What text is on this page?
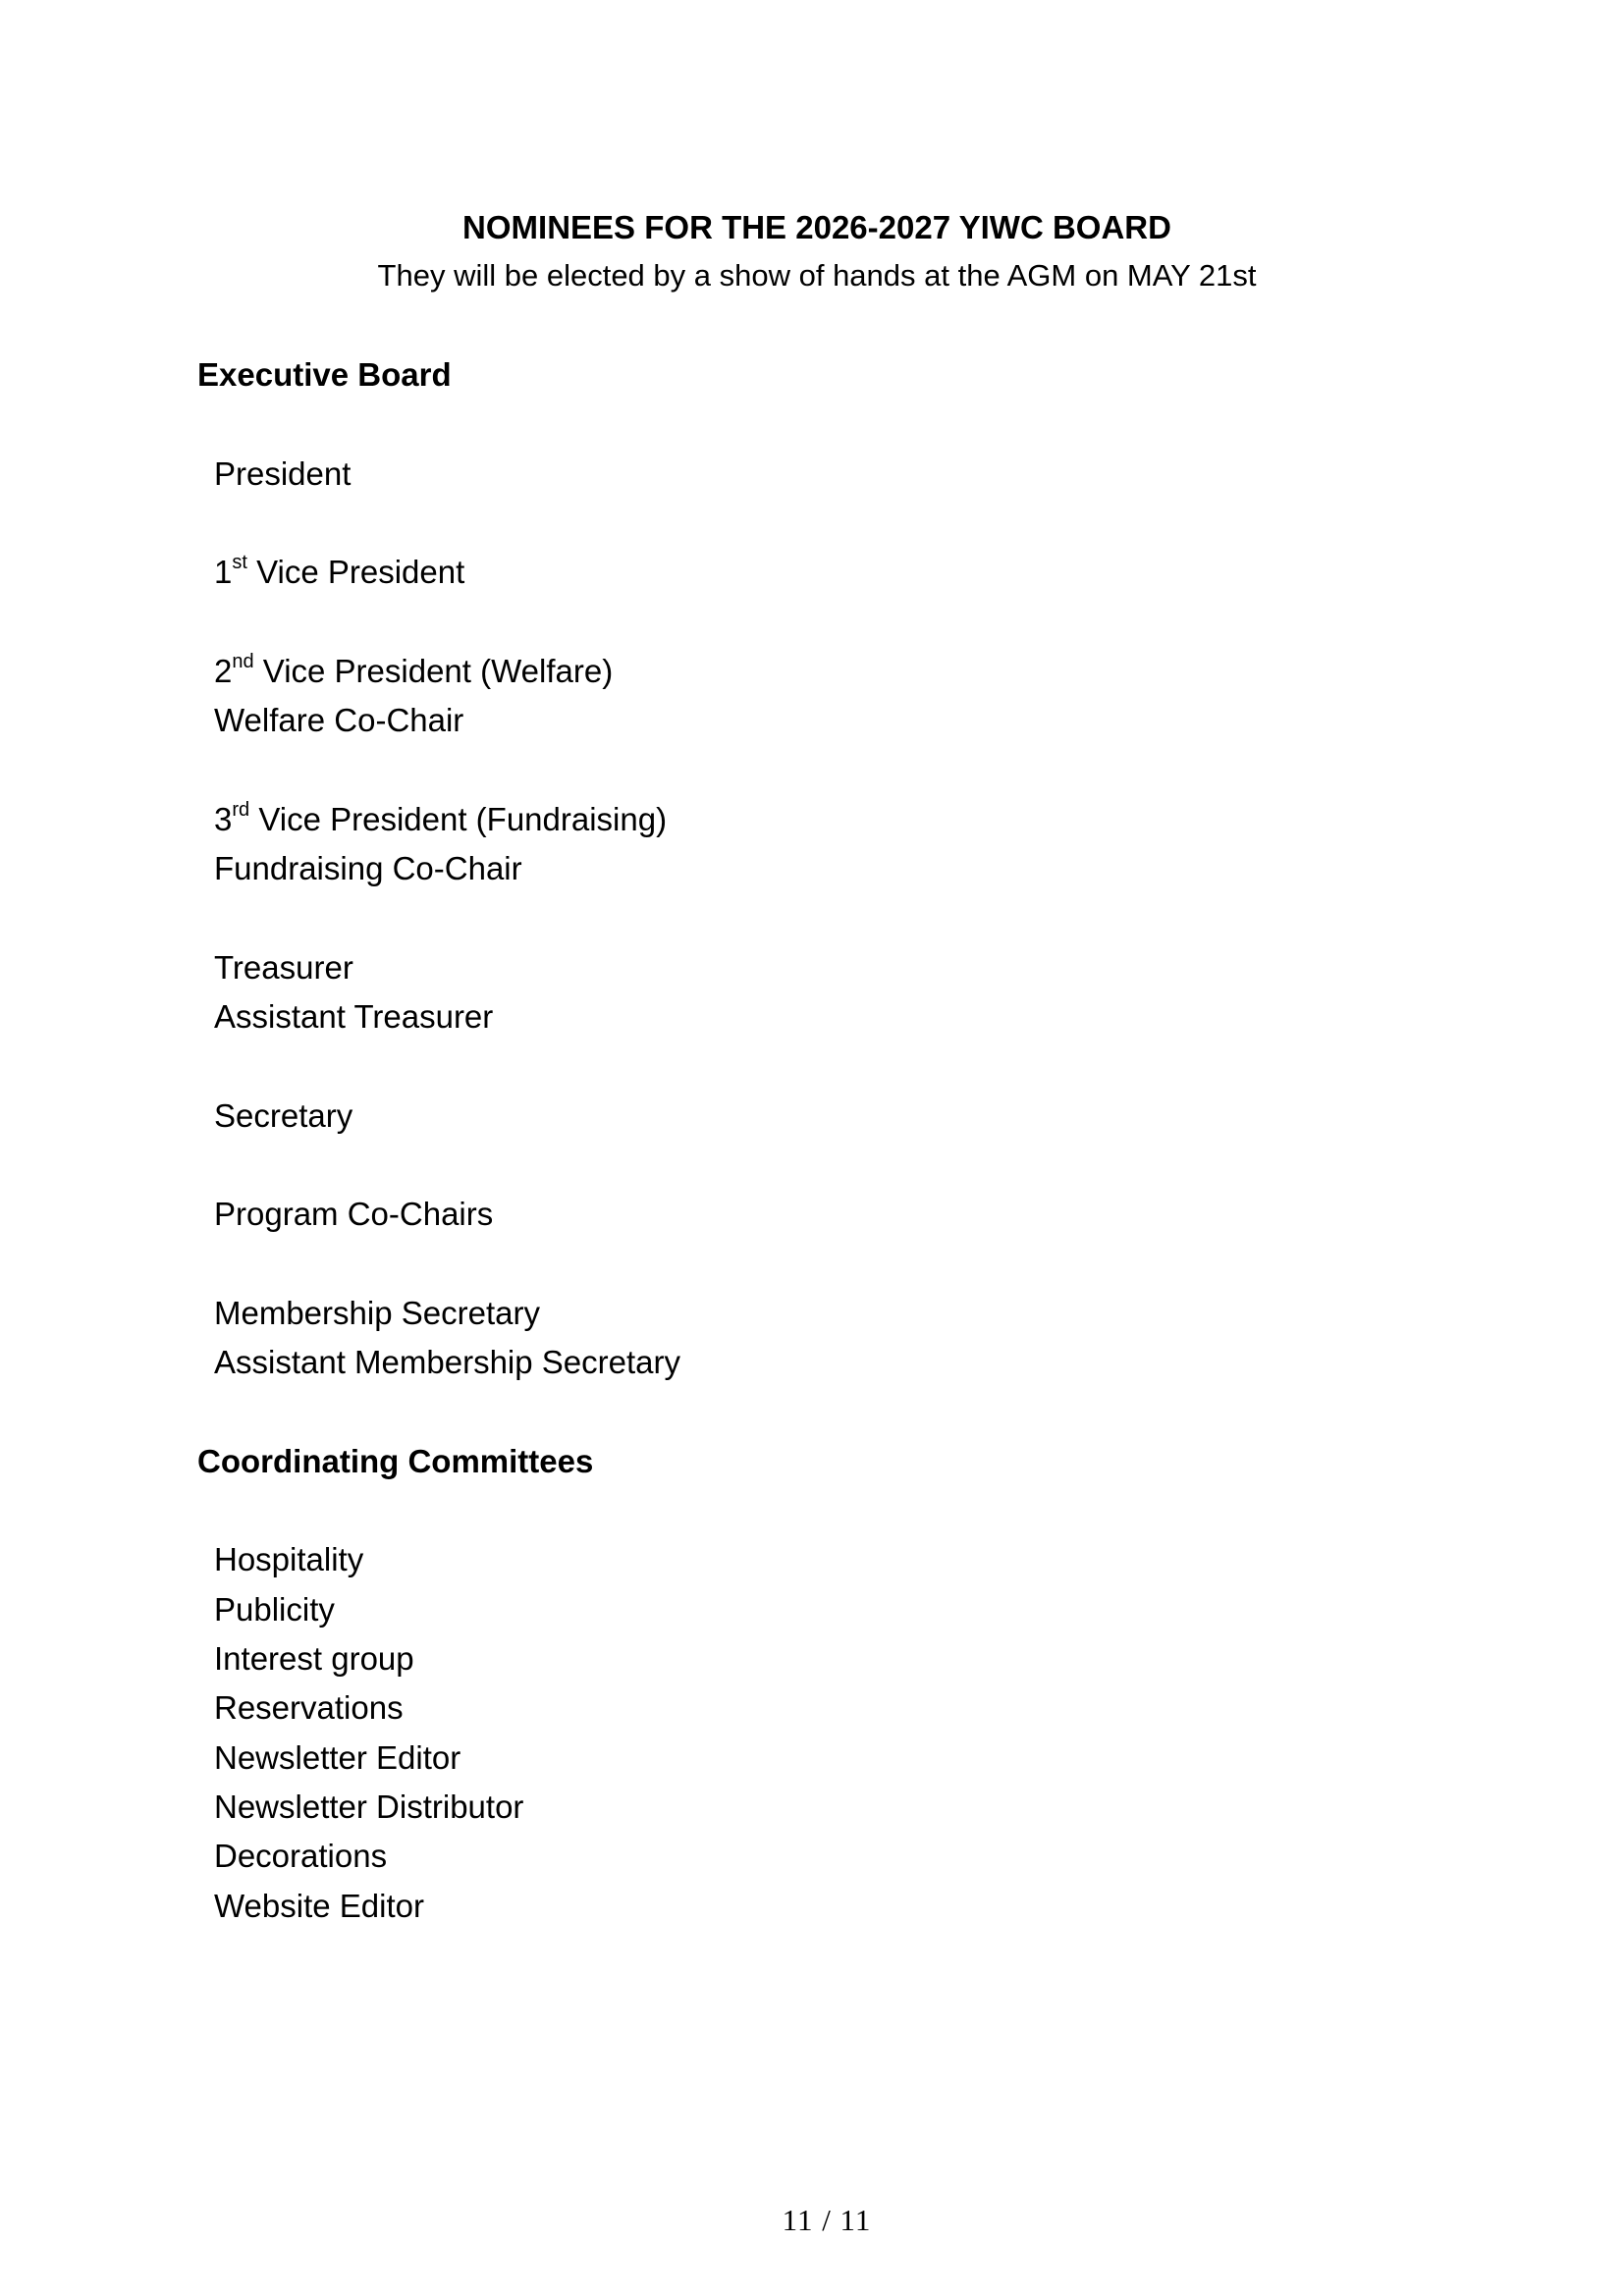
NOMINEES FOR THE 2026-2027 YIWC BOARD
They will be elected by a show of hands at the AGM on MAY 21st
Executive Board
President
1st Vice President
2nd Vice President (Welfare)
Welfare Co-Chair
3rd Vice President (Fundraising)
Fundraising Co-Chair
Treasurer
Assistant Treasurer
Secretary
Program Co-Chairs
Membership Secretary
Assistant Membership Secretary
Coordinating Committees
Hospitality
Publicity
Interest group
Reservations
Newsletter Editor
Newsletter Distributor
Decorations
Website Editor
11 / 11
